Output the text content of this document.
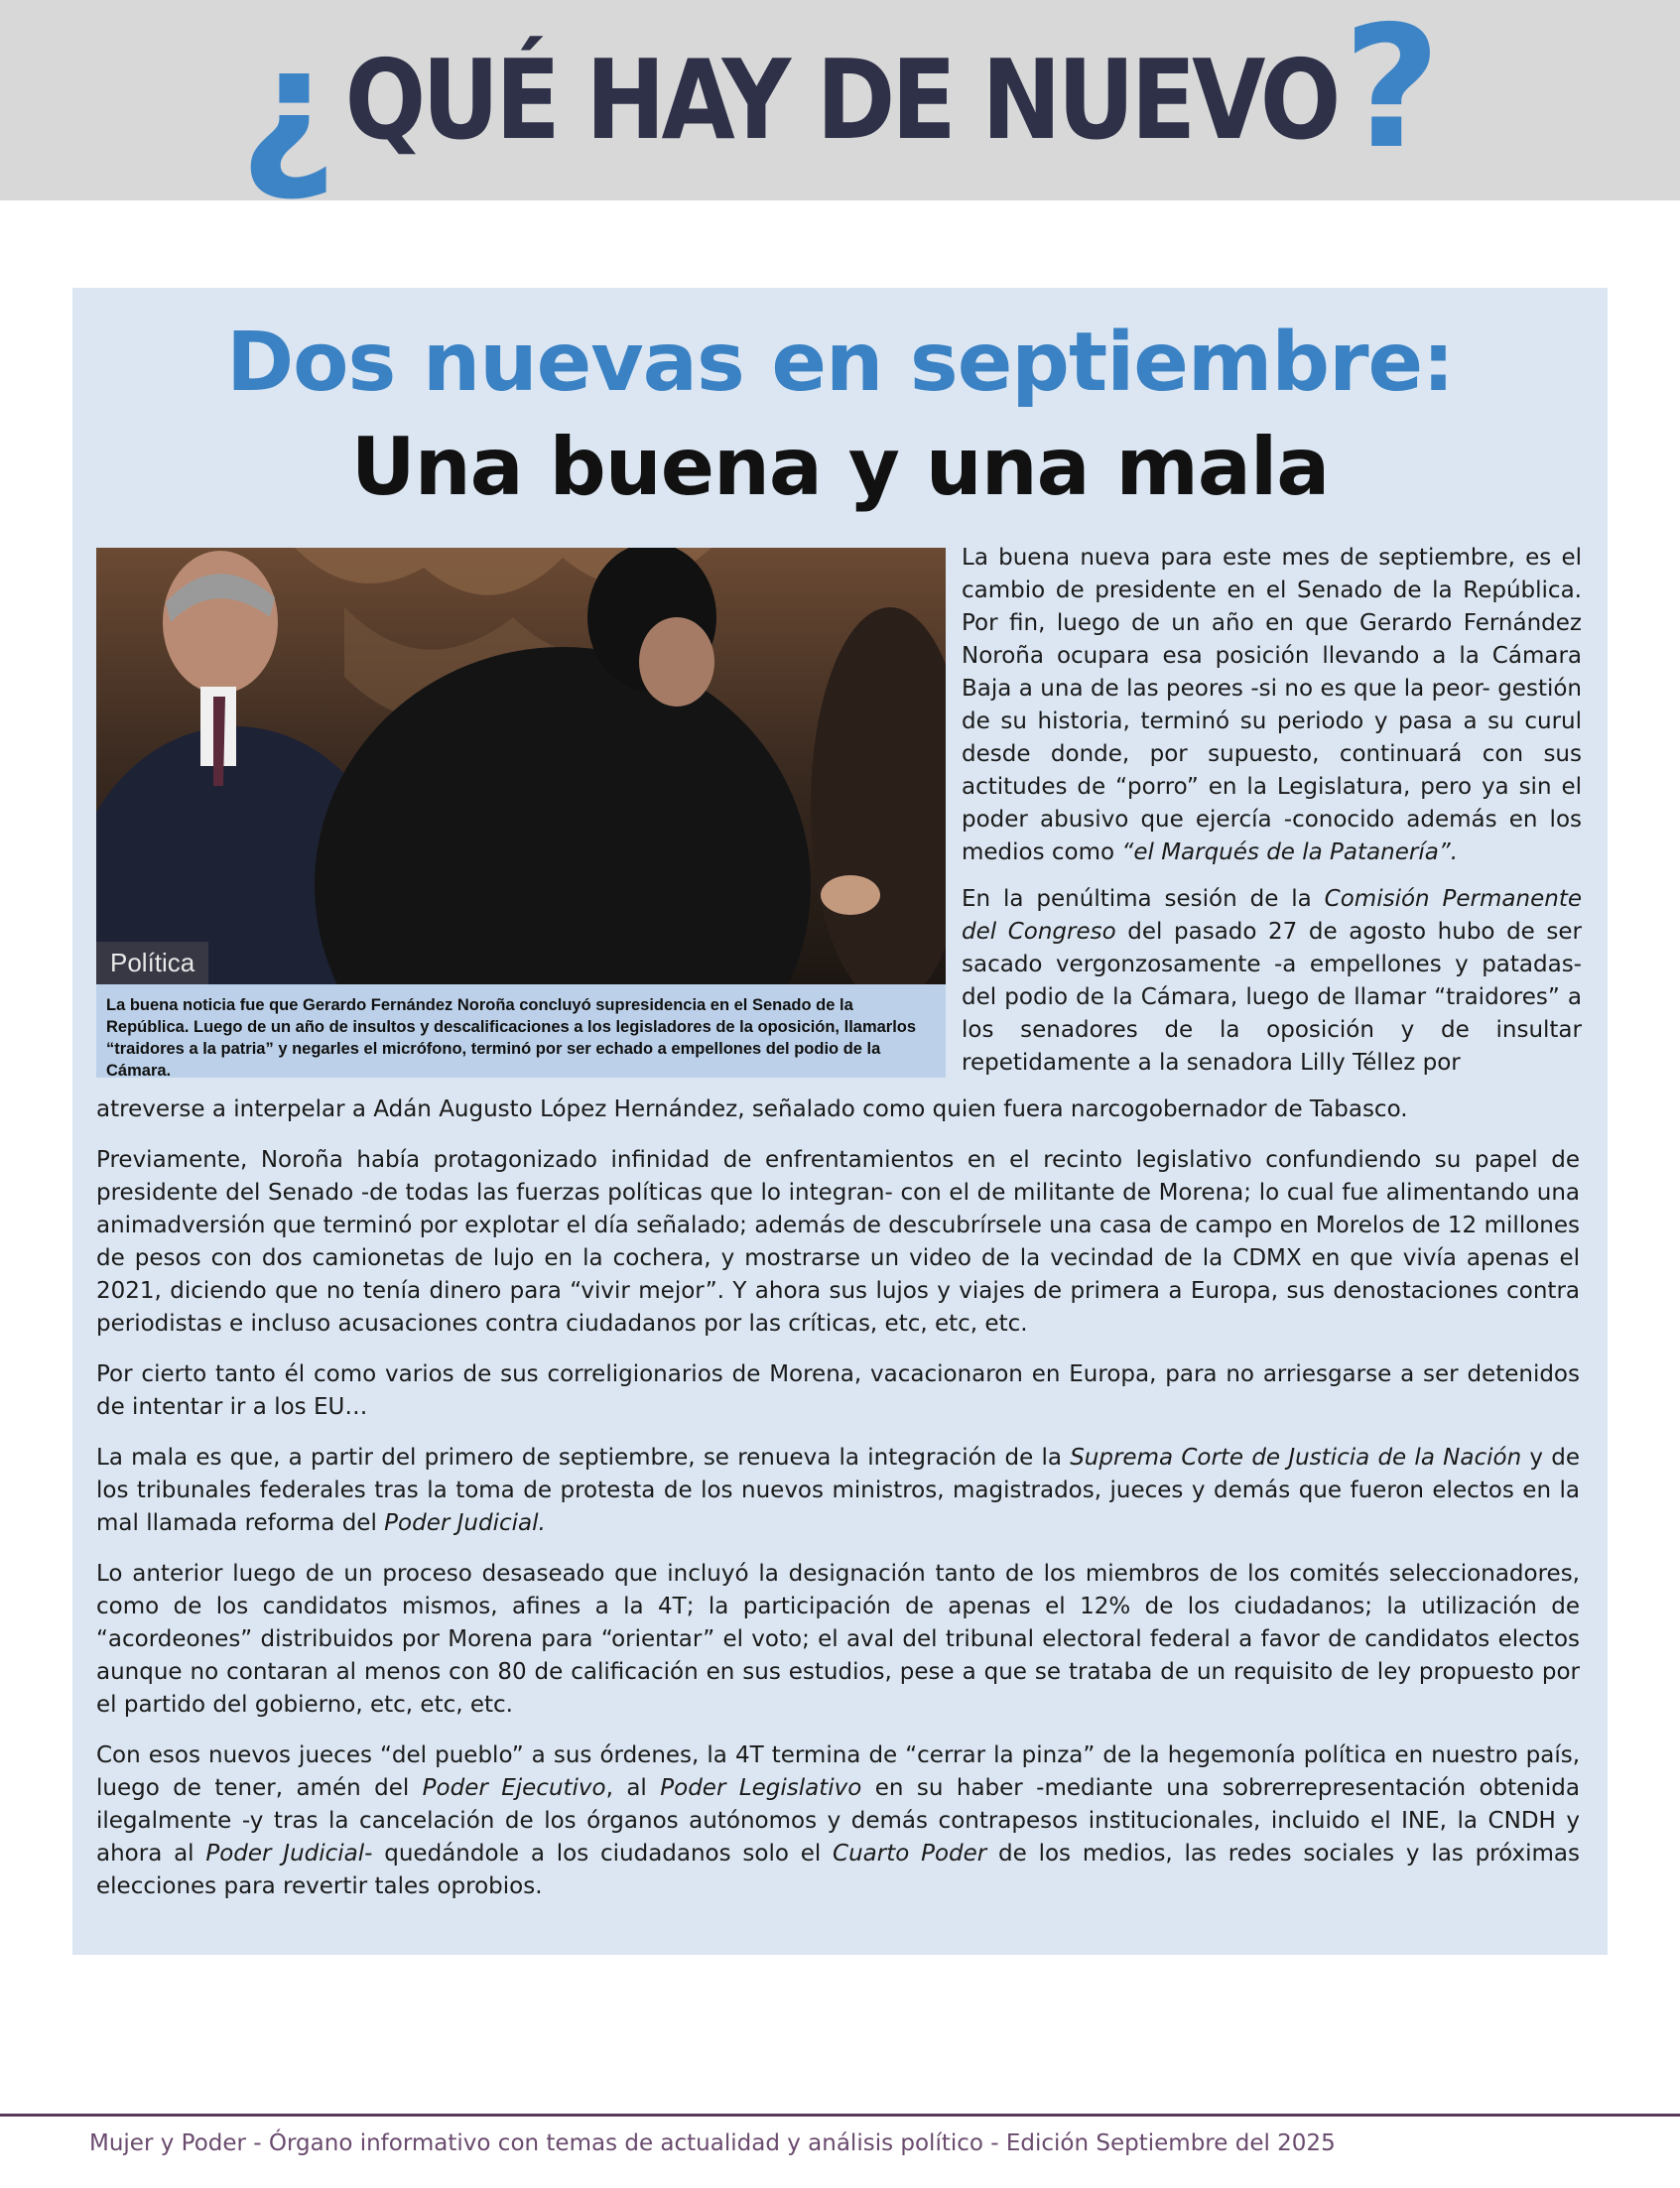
¿ QUÉ HAY DE NUEVO ?
Dos nuevas en septiembre:
Una buena y una mala
Política
La buena noticia fue que Gerardo Fernández Noroña concluyó supresidencia en el Senado de la República. Luego de un año de insultos y descalificaciones a los legisladores de la oposición, llamarlos “traidores a la patria” y negarles el micrófono, terminó por ser echado a empellones del podio de la Cámara.

La buena nueva para este mes de septiembre, es el cambio de presidente en el Senado de la República. Por fin, luego de un año en que Gerardo Fernández Noroña ocupara esa posición llevando a la Cámara Baja a una de las peores -si no es que la peor- gestión de su historia, terminó su periodo y pasa a su curul desde donde, por supuesto, continuará con sus actitudes de “porro” en la Legislatura, pero ya sin el poder abusivo que ejercía -conocido además en los medios como “el Marqués de la Patanería”.

En la penúltima sesión de la Comisión Permanente del Congreso del pasado 27 de agosto hubo de ser sacado vergonzosamente -a empellones y patadas- del podio de la Cámara, luego de llamar “traidores” a los senadores de la oposición y de insultar repetidamente a la senadora Lilly Téllez por

atreverse a interpelar a Adán Augusto López Hernández, señalado como quien fuera narcogobernador de Tabasco.

Previamente, Noroña había protagonizado infinidad de enfrentamientos en el recinto legislativo confundiendo su papel de presidente del Senado -de todas las fuerzas políticas que lo integran- con el de militante de Morena; lo cual fue alimentando una animadversión que terminó por explotar el día señalado; además de descubrírsele una casa de campo en Morelos de 12 millones de pesos con dos camionetas de lujo en la cochera, y mostrarse un video de la vecindad de la CDMX en que vivía apenas el 2021, diciendo que no tenía dinero para “vivir mejor”. Y ahora sus lujos y viajes de primera a Europa, sus denostaciones contra periodistas e incluso acusaciones contra ciudadanos por las críticas, etc, etc, etc.

Por cierto tanto él como varios de sus correligionarios de Morena, vacacionaron en Europa, para no arriesgarse a ser detenidos de intentar ir a los EU…

La mala es que, a partir del primero de septiembre, se renueva la integración de la Suprema Corte de Justicia de la Nación y de los tribunales federales tras la toma de protesta de los nuevos ministros, magistrados, jueces y demás que fueron electos en la mal llamada reforma del Poder Judicial.

Lo anterior luego de un proceso desaseado que incluyó la designación tanto de los miembros de los comités seleccionadores, como de los candidatos mismos, afines a la 4T; la participación de apenas el 12% de los ciudadanos; la utilización de “acordeones” distribuidos por Morena para “orientar” el voto; el aval del tribunal electoral federal a favor de candidatos electos aunque no contaran al menos con 80 de calificación en sus estudios, pese a que se trataba de un requisito de ley propuesto por el partido del gobierno, etc, etc, etc.

Con esos nuevos jueces “del pueblo” a sus órdenes, la 4T termina de “cerrar la pinza” de la hegemonía política en nuestro país, luego de tener, amén del Poder Ejecutivo, al Poder Legislativo en su haber -mediante una sobrerrepresentación obtenida ilegalmente -y tras la cancelación de los órganos autónomos y demás contrapesos institucionales, incluido el INE, la CNDH y ahora al Poder Judicial- quedándole a los ciudadanos solo el Cuarto Poder de los medios, las redes sociales y las próximas elecciones para revertir tales oprobios.

Mujer y Poder - Órgano informativo con temas de actualidad y análisis político - Edición Septiembre del 2025
